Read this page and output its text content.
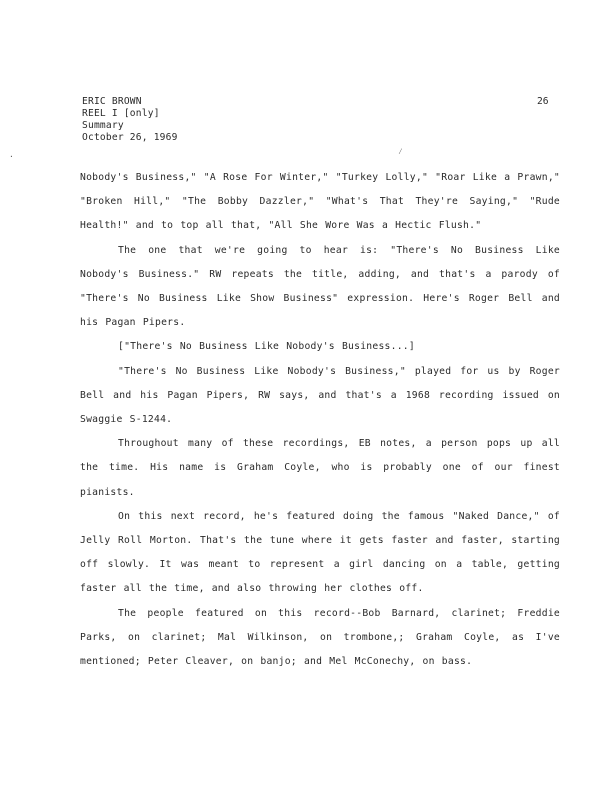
ERIC BROWN
REEL I [only]
Summary
October 26, 1969
26
⁄
·

Nobody's Business," "A Rose For Winter," "Turkey Lolly," "Roar Like a Prawn," "Broken Hill," "The Bobby Dazzler," "What's That They're Saying," "Rude Health!" and to top all that, "All She Wore Was a Hectic Flush."

The one that we're going to hear is: "There's No Business Like Nobody's Business." RW repeats the title, adding, and that's a parody of "There's No Business Like Show Business" expression. Here's Roger Bell and his Pagan Pipers.

["There's No Business Like Nobody's Business...]

"There's No Business Like Nobody's Business," played for us by Roger Bell and his Pagan Pipers, RW says, and that's a 1968 recording issued on Swaggie S-1244.

Throughout many of these recordings, EB notes, a person pops up all the time. His name is Graham Coyle, who is probably one of our finest pianists.

On this next record, he's featured doing the famous "Naked Dance," of Jelly Roll Morton. That's the tune where it gets faster and faster, starting off slowly. It was meant to represent a girl dancing on a table, getting faster all the time, and also throwing her clothes off.

The people featured on this record--Bob Barnard, clarinet; Freddie Parks, on clarinet; Mal Wilkinson, on trombone,; Graham Coyle, as I've mentioned; Peter Cleaver, on banjo; and Mel McConechy, on bass.
